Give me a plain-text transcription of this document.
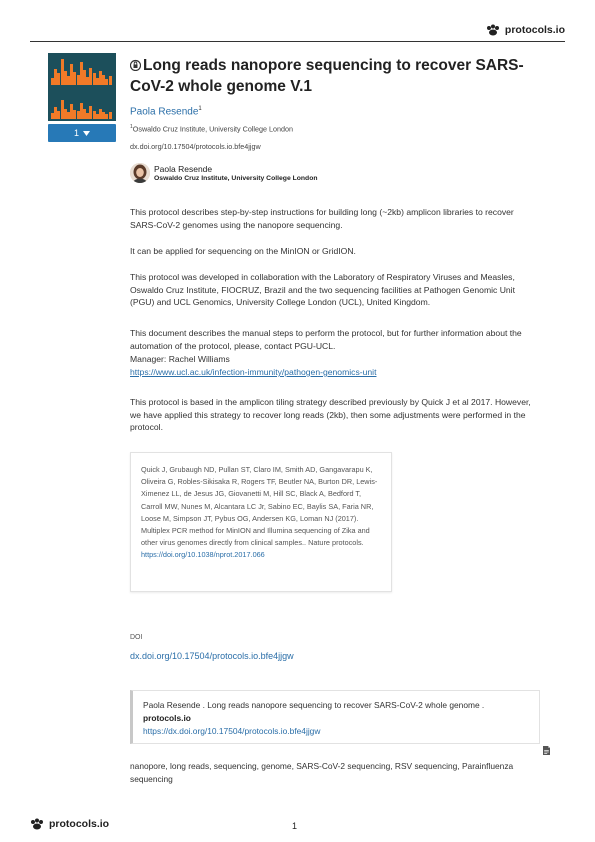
protocols.io
1
Long reads nanopore sequencing to recover SARS-CoV-2 whole genome V.1
Paola Resende$^1$
$^1$Oswaldo Cruz Institute, University College London
dx.doi.org/10.17504/protocols.io.bfe4jjgw
Paola Resende
Oswaldo Cruz Institute, University College London

This protocol describes step-by-step instructions for building long (~2kb) amplicon libraries to recover SARS-CoV-2 genomes using the nanopore sequencing.

It can be applied for sequencing on the MinION or GridION.

This protocol was developed in collaboration with the Laboratory of Respiratory Viruses and Measles, Oswaldo Cruz Institute, FIOCRUZ, Brazil and the two sequencing facilities at Pathogen Genomic Unit (PGU) and UCL Genomics, University College London (UCL), United Kingdom.

This document describes the manual steps to perform the protocol, but for further information about the automation of the protocol, please, contact PGU-UCL.

Manager: Rachel Williams

https://www.ucl.ac.uk/infection-immunity/pathogen-genomics-unit

This protocol is based in the amplicon tiling strategy described previously by Quick J et al 2017. However, we have applied this strategy to recover long reads (2kb), then some adjustments were performed in the protocol.

Quick J, Grubaugh ND, Pullan ST, Claro IM, Smith AD, Gangavarapu K, Oliveira G, Robles-Sikisaka R, Rogers TF, Beutler NA, Burton DR, Lewis-Ximenez LL, de Jesus JG, Giovanetti M, Hill SC, Black A, Bedford T, Carroll MW, Nunes M, Alcantara LC Jr, Sabino EC, Baylis SA, Faria NR, Loose M, Simpson JT, Pybus OG, Andersen KG, Loman NJ (2017). Multiplex PCR method for MinION and Illumina sequencing of Zika and other virus genomes directly from clinical samples.. Nature protocols.
https://doi.org/10.1038/nprot.2017.066
DOI
dx.doi.org/10.17504/protocols.io.bfe4jjgw
Paola Resende . Long reads nanopore sequencing to recover SARS-CoV-2 whole genome .
protocols.io
https://dx.doi.org/10.17504/protocols.io.bfe4jjgw
nanopore, long reads, sequencing, genome, SARS-CoV-2 sequencing, RSV sequencing, Parainfluenza sequencing
protocols.io	1
